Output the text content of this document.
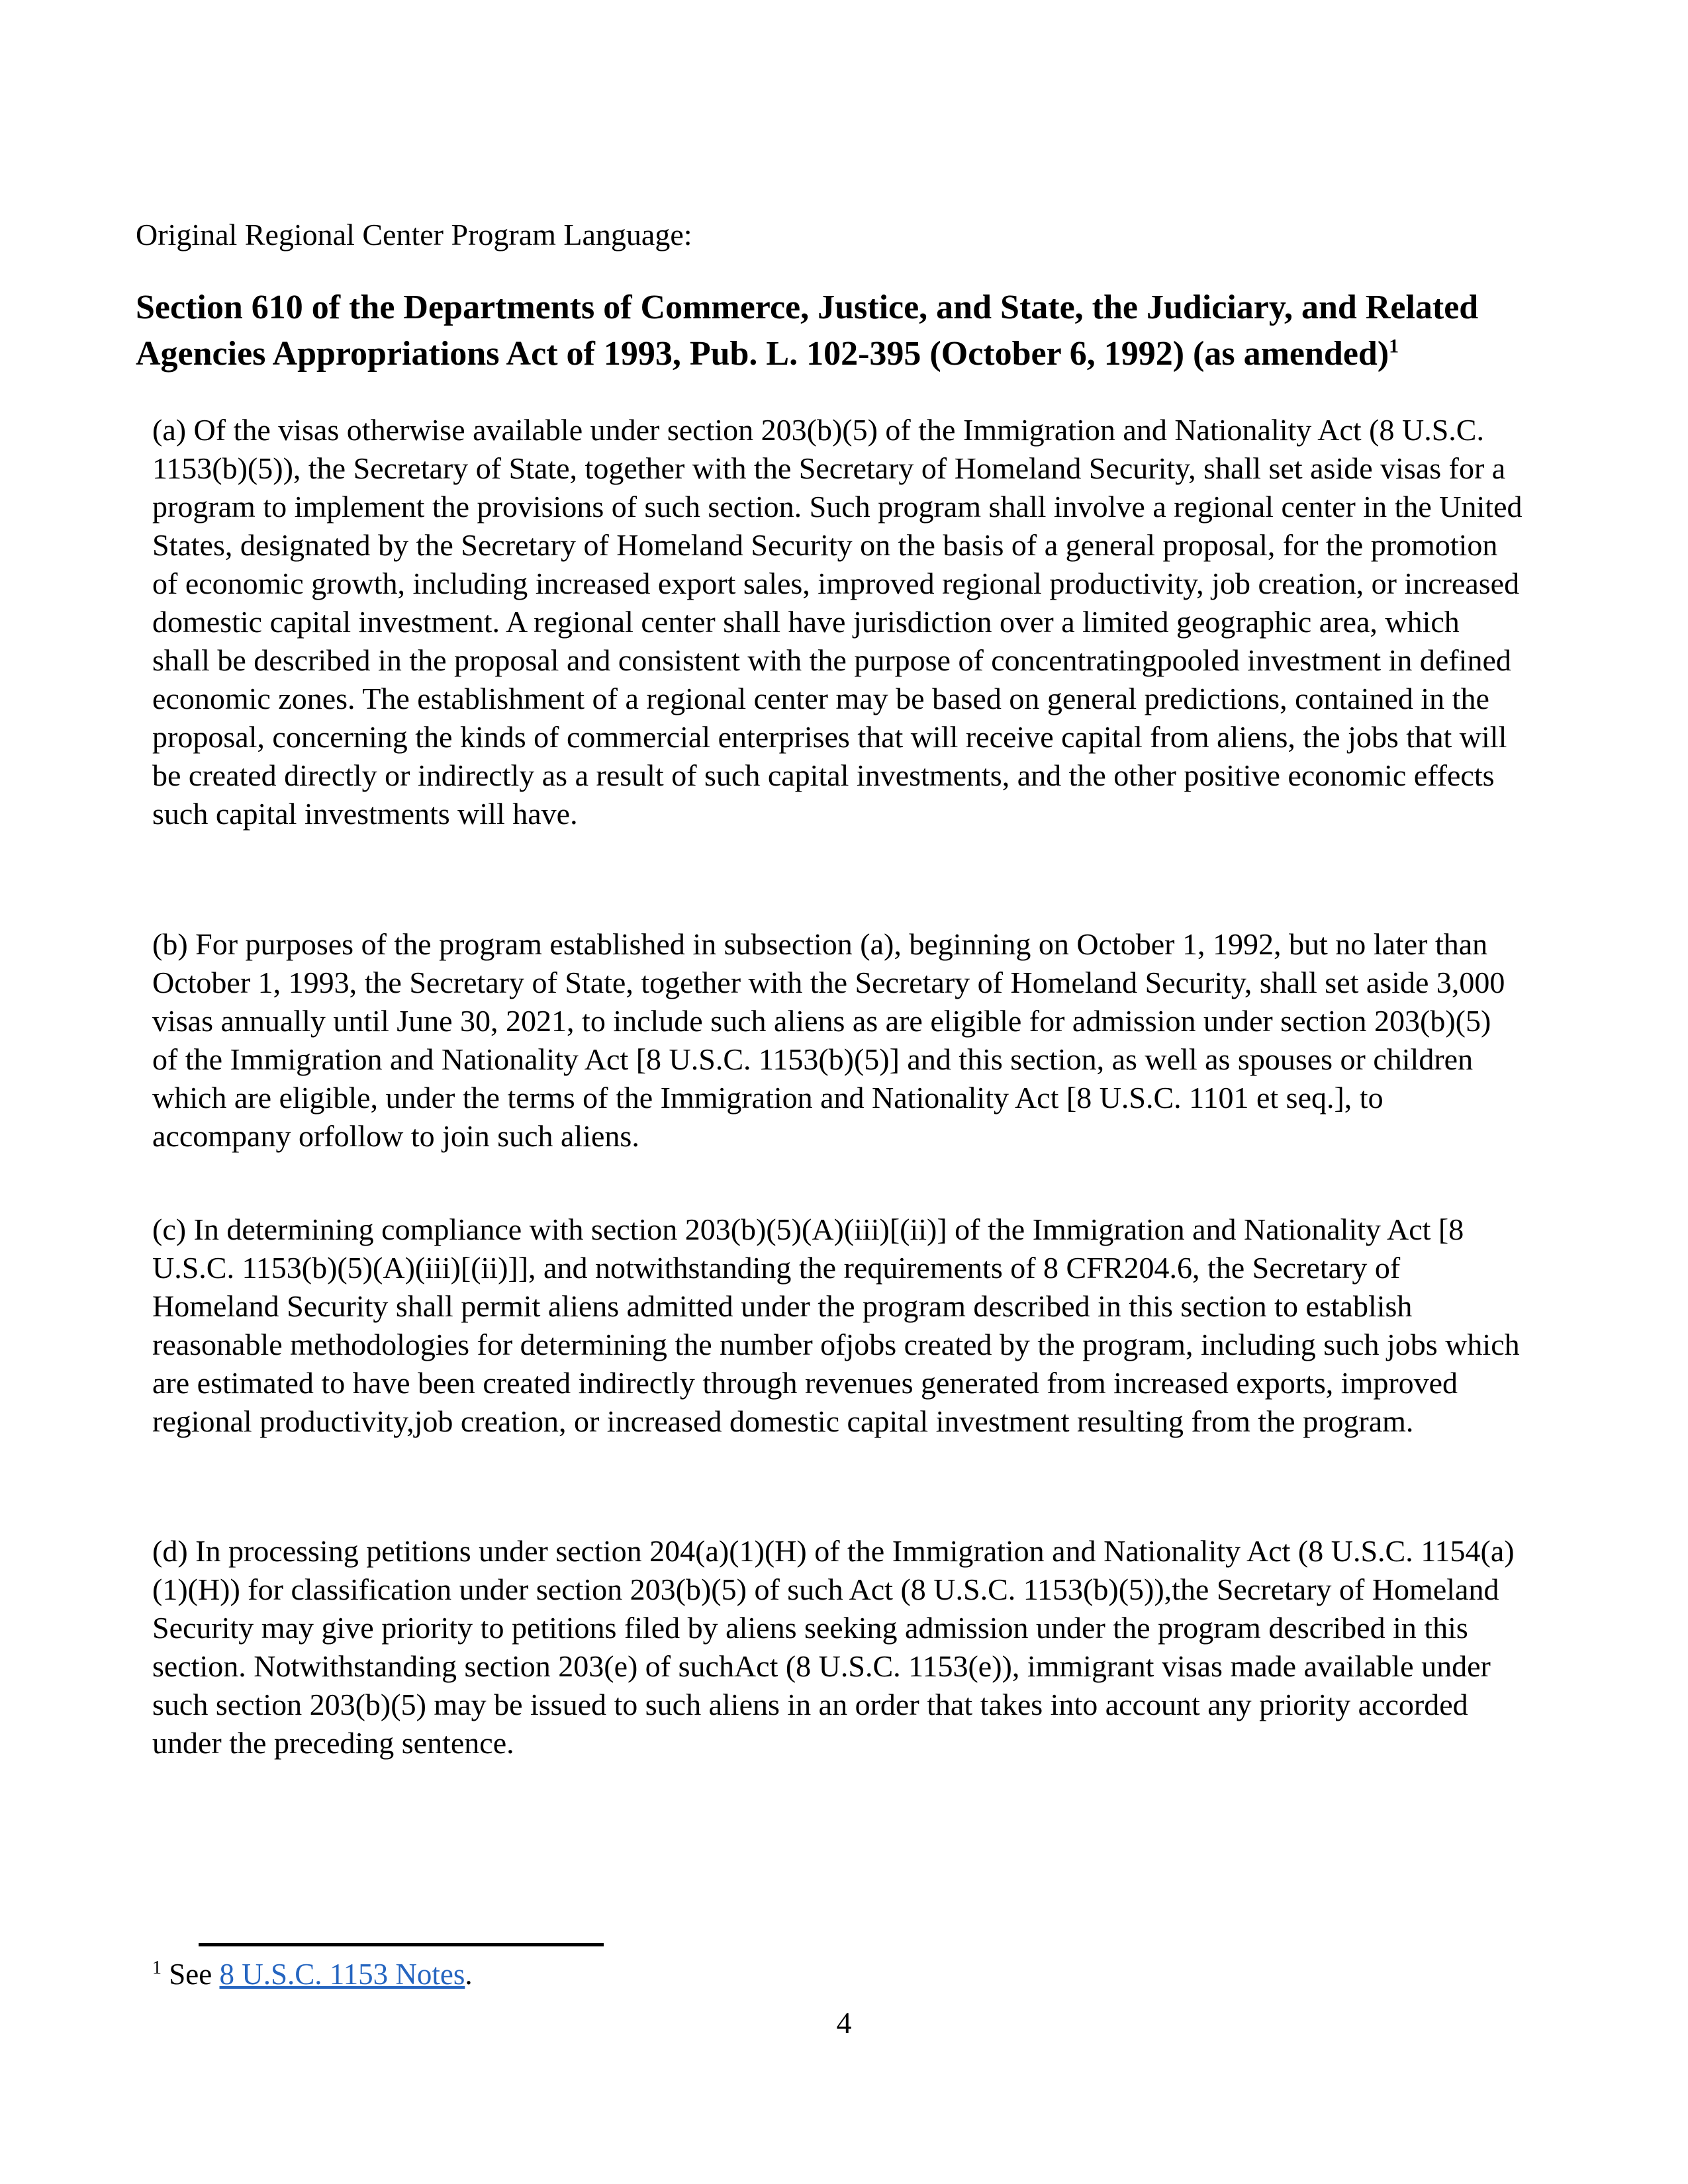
Original Regional Center Program Language:
Section 610 of the Departments of Commerce, Justice, and State, the Judiciary, and Related
Agencies Appropriations Act of 1993, Pub. L. 102-395 (October 6, 1992) (as amended)$^1$
(a) Of the visas otherwise available under section 203(b)(5) of the Immigration and Nationality Act (8 U.S.C. 1153(b)(5)), the Secretary of State, together with the Secretary of Homeland Security, shall set aside visas for a program to implement the provisions of such section. Such program shall involve a regional center in the United States, designated by the Secretary of Homeland Security on the basis of a general proposal, for the promotion of economic growth, including increased export sales, improved regional productivity, job creation, or increased domestic capital investment. A regional center shall have jurisdiction over a limited geographic area, which shall be described in the proposal and consistent with the purpose of concentratingpooled investment in defined economic zones. The establishment of a regional center may be based on general predictions, contained in the proposal, concerning the kinds of commercial enterprises that will receive capital from aliens, the jobs that will be created directly or indirectly as a result of such capital investments, and the other positive economic effects such capital investments will have.
(b) For purposes of the program established in subsection (a), beginning on October 1, 1992, but no later than October 1, 1993, the Secretary of State, together with the Secretary of Homeland Security, shall set aside 3,000 visas annually until June 30, 2021, to include such aliens as are eligible for admission under section 203(b)(5) of the Immigration and Nationality Act [8 U.S.C. 1153(b)(5)] and this section, as well as spouses or children which are eligible, under the terms of the Immigration and Nationality Act [8 U.S.C. 1101 et seq.], to accompany orfollow to join such aliens.
(c) In determining compliance with section 203(b)(5)(A)(iii)[(ii)] of the Immigration and Nationality Act [8 U.S.C. 1153(b)(5)(A)(iii)[(ii)]], and notwithstanding the requirements of 8 CFR204.6, the Secretary of Homeland Security shall permit aliens admitted under the program described in this section to establish reasonable methodologies for determining the number ofjobs created by the program, including such jobs which are estimated to have been created indirectly through revenues generated from increased exports, improved regional productivity,job creation, or increased domestic capital investment resulting from the program.
(d) In processing petitions under section 204(a)(1)(H) of the Immigration and Nationality Act (8 U.S.C. 1154(a)(1)(H)) for classification under section 203(b)(5) of such Act (8 U.S.C. 1153(b)(5)),the Secretary of Homeland Security may give priority to petitions filed by aliens seeking admission under the program described in this section. Notwithstanding section 203(e) of suchAct (8 U.S.C. 1153(e)), immigrant visas made available under such section 203(b)(5) may be issued to such aliens in an order that takes into account any priority accorded under the preceding sentence.
$^1$ See 8 U.S.C. 1153 Notes.
4
